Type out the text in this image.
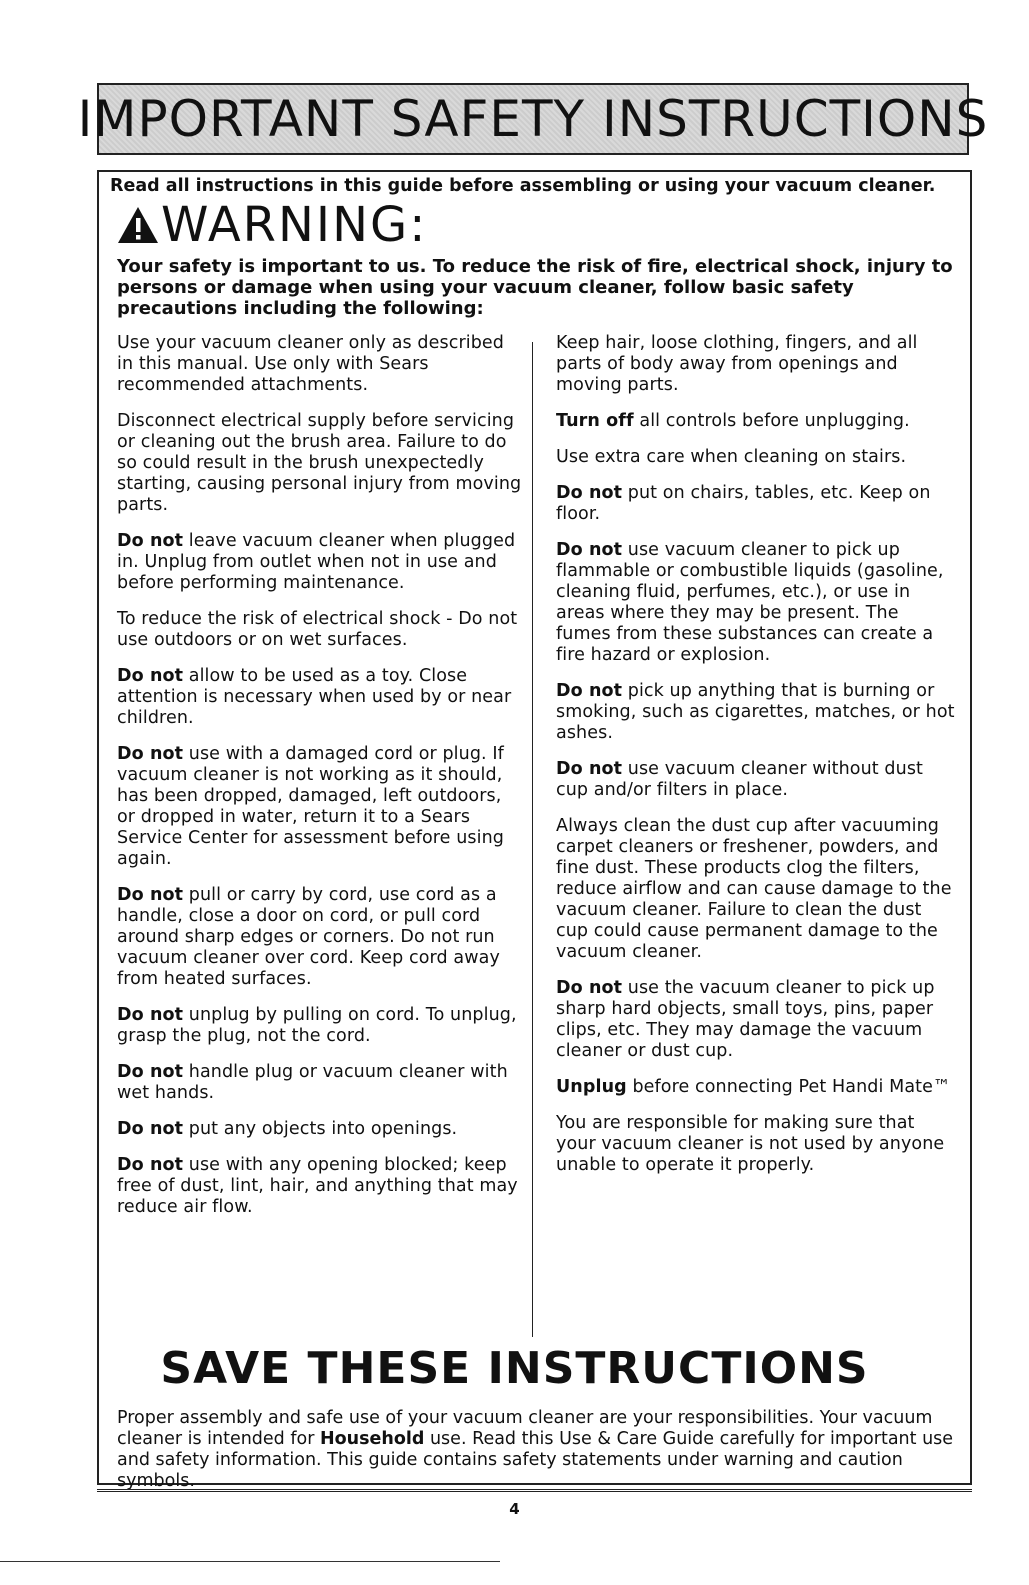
IMPORTANT SAFETY INSTRUCTIONS
Read all instructions in this guide before assembling or using your vacuum cleaner.
WARNING:
Your safety is important to us. To reduce the risk of fire, electrical shock, injury to persons or damage when using your vacuum cleaner, follow basic safety precautions including the following:

Use your vacuum cleaner only as described in this manual. Use only with Sears recommended attachments.

Disconnect electrical supply before servicing or cleaning out the brush area. Failure to do so could result in the brush unexpectedly starting, causing personal injury from moving parts.

Do not leave vacuum cleaner when plugged in. Unplug from outlet when not in use and before performing maintenance.

To reduce the risk of electrical shock - Do not use outdoors or on wet surfaces.

Do not allow to be used as a toy. Close attention is necessary when used by or near children.

Do not use with a damaged cord or plug. If vacuum cleaner is not working as it should, has been dropped, damaged, left outdoors, or dropped in water, return it to a Sears Service Center for assessment before using again.

Do not pull or carry by cord, use cord as a handle, close a door on cord, or pull cord around sharp edges or corners. Do not run vacuum cleaner over cord. Keep cord away from heated surfaces.

Do not unplug by pulling on cord. To unplug, grasp the plug, not the cord.

Do not handle plug or vacuum cleaner with wet hands.

Do not put any objects into openings.

Do not use with any opening blocked; keep free of dust, lint, hair, and anything that may reduce air flow.

Keep hair, loose clothing, fingers, and all parts of body away from openings and moving parts.

Turn off all controls before unplugging.

Use extra care when cleaning on stairs.

Do not put on chairs, tables, etc. Keep on floor.

Do not use vacuum cleaner to pick up flammable or combustible liquids (gasoline, cleaning fluid, perfumes, etc.), or use in areas where they may be present. The fumes from these substances can create a fire hazard or explosion.

Do not pick up anything that is burning or smoking, such as cigarettes, matches, or hot ashes.

Do not use vacuum cleaner without dust cup and/or filters in place.

Always clean the dust cup after vacuuming carpet cleaners or freshener, powders, and fine dust. These products clog the filters, reduce airflow and can cause damage to the vacuum cleaner. Failure to clean the dust cup could cause permanent damage to the vacuum cleaner.

Do not use the vacuum cleaner to pick up sharp hard objects, small toys, pins, paper clips, etc. They may damage the vacuum cleaner or dust cup.

Unplug before connecting Pet Handi Mate™

You are responsible for making sure that your vacuum cleaner is not used by anyone unable to operate it properly.

SAVE THESE INSTRUCTIONS

Proper assembly and safe use of your vacuum cleaner are your responsibilities. Your vacuum cleaner is intended for Household use. Read this Use & Care Guide carefully for important use and safety information. This guide contains safety statements under warning and caution symbols.

4
